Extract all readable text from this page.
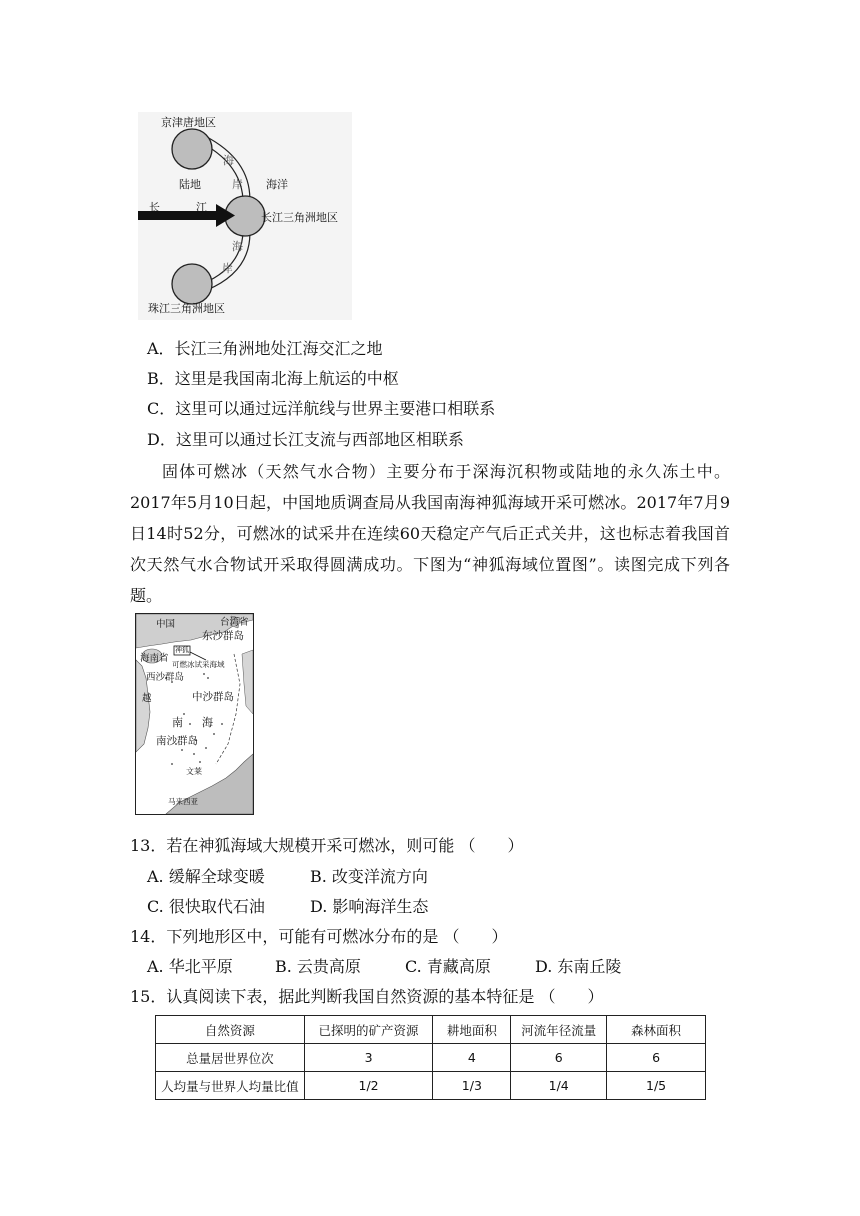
京津唐地区
陆地	海洋
长	江
长江三角洲地区
海
岸
海
岸
珠江三角洲地区
A．长江三角洲地处江海交汇之地
B．这里是我国南北海上航运的中枢
C．这里可以通过远洋航线与世界主要港口相联系
D．这里可以通过长江支流与西部地区相联系
固体可燃冰（天然气水合物）主要分布于深海沉积物或陆地的永久冻土中。2017年5月10日起，中国地质调查局从我国南海神狐海域开采可燃冰。2017年7月9日14时52分，可燃冰的试采井在连续60天稳定产气后正式关井，这也标志着我国首次天然气水合物试开采取得圆满成功。下图为“神狐海域位置图”。读图完成下列各题。
中国	台湾省
东沙群岛
神狐
海南省
可燃冰试采海域
西沙群岛
中沙群岛
越
南 海
南沙群岛
文莱
马来西亚
13．若在神狐海域大规模开采可燃冰，则可能 （　　）
A. 缓解全球变暖	B. 改变洋流方向
C. 很快取代石油	D. 影响海洋生态
14．下列地形区中，可能有可燃冰分布的是 （　　）
A. 华北平原	B. 云贵高原	C. 青藏高原	D. 东南丘陵
15．认真阅读下表，据此判断我国自然资源的基本特征是 （　　）
自然资源	已探明的矿产资源	耕地面积	河流年径流量	森林面积
总量居世界位次	3	4	6	6
人均量与世界人均量比值	1/2	1/3	1/4	1/5
